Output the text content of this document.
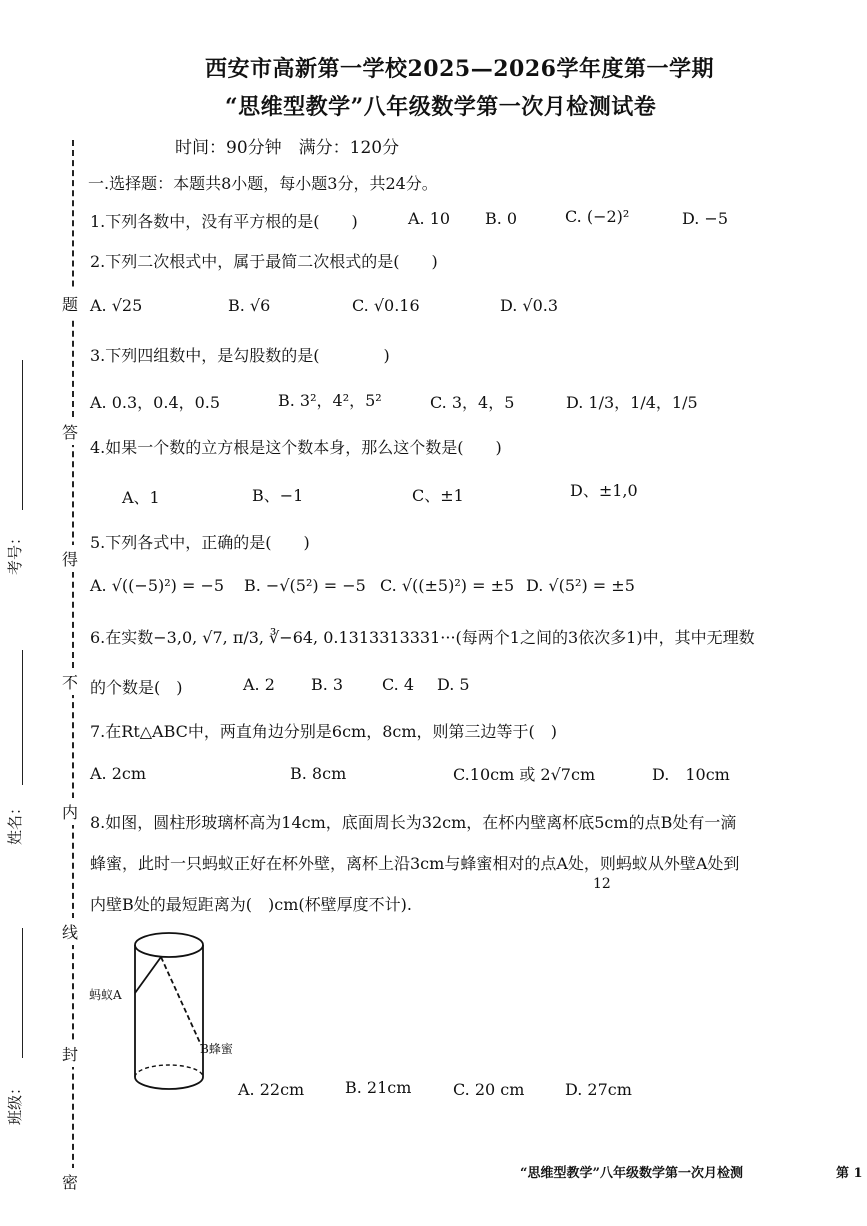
题
答
得
不
内
线
封
密
考号：
姓名：
班级：
西安市高新第一学校2025—2026学年度第一学期
“思维型教学”八年级数学第一次月检测试卷
时间：90分钟　满分：120分
一.选择题：本题共8小题，每小题3分，共24分。
1.下列各数中，没有平方根的是(　　)	A. 10 B. 0	C. (−2)²	D. −5
2.下列二次根式中，属于最简二次根式的是(　　)
A. √25	B. √6	C. √0.16	D. √0.3
3.下列四组数中，是勾股数的是(　　　　)
A. 0.3，0.4，0.5	B. 3²，4²，5²	C. 3，4，5	D. 1/3，1/4，1/5
4.如果一个数的立方根是这个数本身，那么这个数是(　　)
A、1	B、−1	C、±1	D、±1,0
5.下列各式中，正确的是(　　)
A. √((−5)²) = −5 B. −√(5²) = −5 C. √((±5)²) = ±5 D. √(5²) = ±5
6.在实数−3,0, √7, π/3, ∛−64, 0.1313313331···(每两个1之间的3依次多1)中，其中无理数
的个数是(　)	A. 2 B. 3 C. 4 D. 5
7.在Rt△ABC中，两直角边分别是6cm，8cm，则第三边等于(　)
A. 2cm	B. 8cm	C.10cm 或 2√7cm	D.　10cm
8.如图，圆柱形玻璃杯高为14cm，底面周长为32cm，在杯内壁离杯底5cm的点B处有一滴
蜂蜜，此时一只蚂蚁正好在杯外壁，离杯上沿3cm与蜂蜜相对的点A处，则蚂蚁从外壁A处到
内壁B处的最短距离为(　)cm(杯壁厚度不计).
12
蚂蚁A
B蜂蜜
A. 22cm	B. 21cm	C. 20 cm	D. 27cm
“思维型教学”八年级数学第一次月检测	第 1
